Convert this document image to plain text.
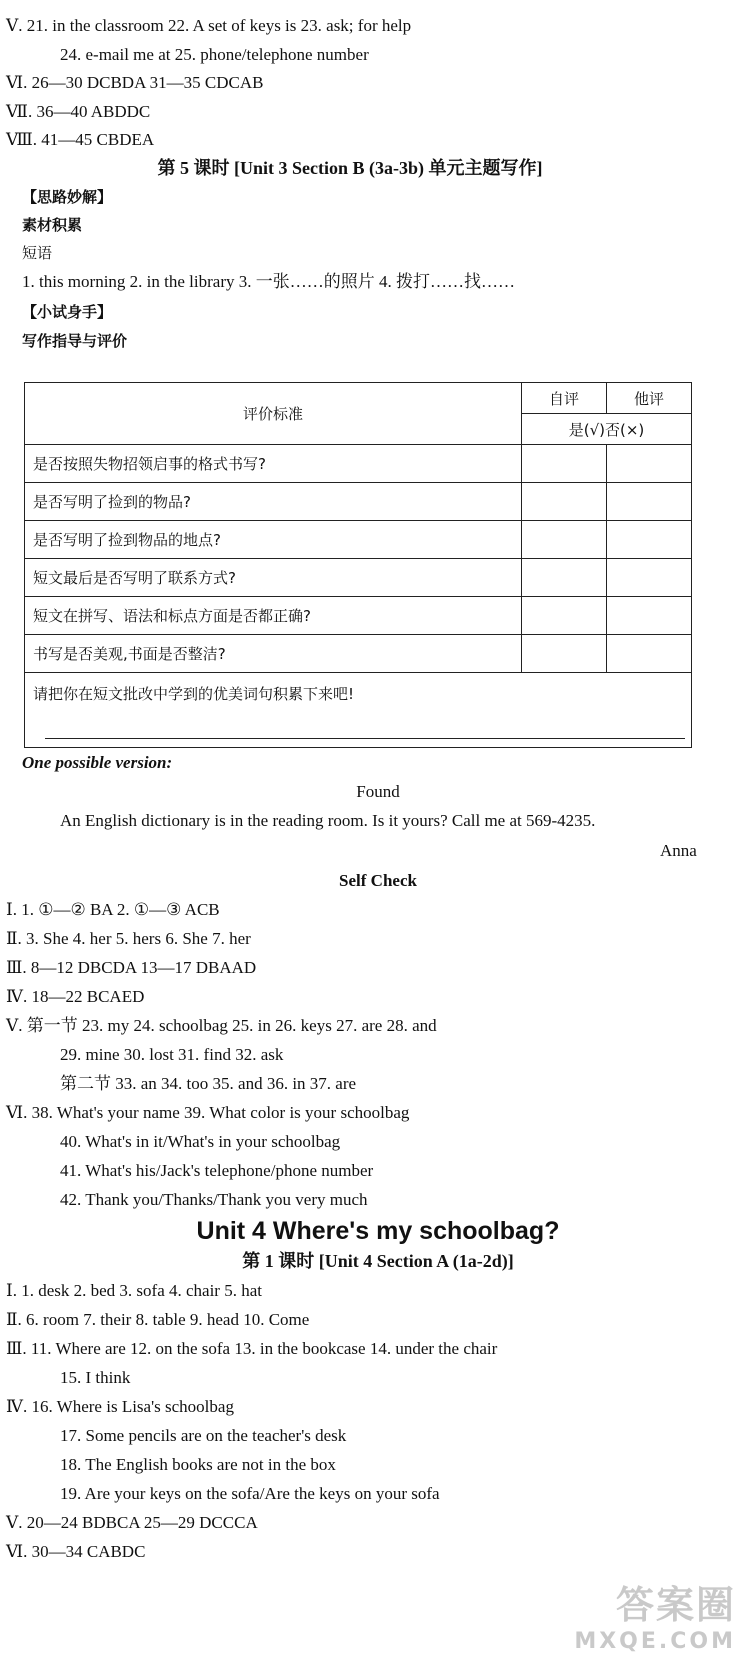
Ⅴ. 21. in the classroom 22. A set of keys is 23. ask; for help
24. e-mail me at 25. phone/telephone number
Ⅵ. 26—30 DCBDA 31—35 CDCAB
Ⅶ. 36—40 ABDDC
Ⅷ. 41—45 CBDEA
第 5 课时 [Unit 3 Section B (3a-3b) 单元主题写作]
【思路妙解】
素材积累
短语
1. this morning 2. in the library 3. 一张……的照片 4. 拨打……找……
【小试身手】
写作指导与评价
评价标准	自评	他评
	是(√)否(×)	
是否按照失物招领启事的格式书写?		
是否写明了捡到的物品?		
是否写明了捡到物品的地点?		
短文最后是否写明了联系方式?		
短文在拼写、语法和标点方面是否都正确?		
书写是否美观,书面是否整洁?		
请把你在短文批改中学到的优美词句积累下来吧!		
One possible version:
Found
An English dictionary is in the reading room. Is it yours? Call me at 569-4235.
Anna
Self Check
Ⅰ. 1. ①—② BA 2. ①—③ ACB
Ⅱ. 3. She 4. her 5. hers 6. She 7. her
Ⅲ. 8—12 DBCDA 13—17 DBAAD
Ⅳ. 18—22 BCAED
Ⅴ. 第一节 23. my 24. schoolbag 25. in 26. keys 27. are 28. and
29. mine 30. lost 31. find 32. ask
第二节 33. an 34. too 35. and 36. in 37. are
Ⅵ. 38. What's your name 39. What color is your schoolbag
40. What's in it/What's in your schoolbag
41. What's his/Jack's telephone/phone number
42. Thank you/Thanks/Thank you very much
Unit 4 Where's my schoolbag?
第 1 课时 [Unit 4 Section A (1a-2d)]
Ⅰ. 1. desk 2. bed 3. sofa 4. chair 5. hat
Ⅱ. 6. room 7. their 8. table 9. head 10. Come
Ⅲ. 11. Where are 12. on the sofa 13. in the bookcase 14. under the chair
15. I think
Ⅳ. 16. Where is Lisa's schoolbag
17. Some pencils are on the teacher's desk
18. The English books are not in the box
19. Are your keys on the sofa/Are the keys on your sofa
Ⅴ. 20—24 BDBCA 25—29 DCCCA
Ⅵ. 30—34 CABDC
答案圈
MXQE.COM
